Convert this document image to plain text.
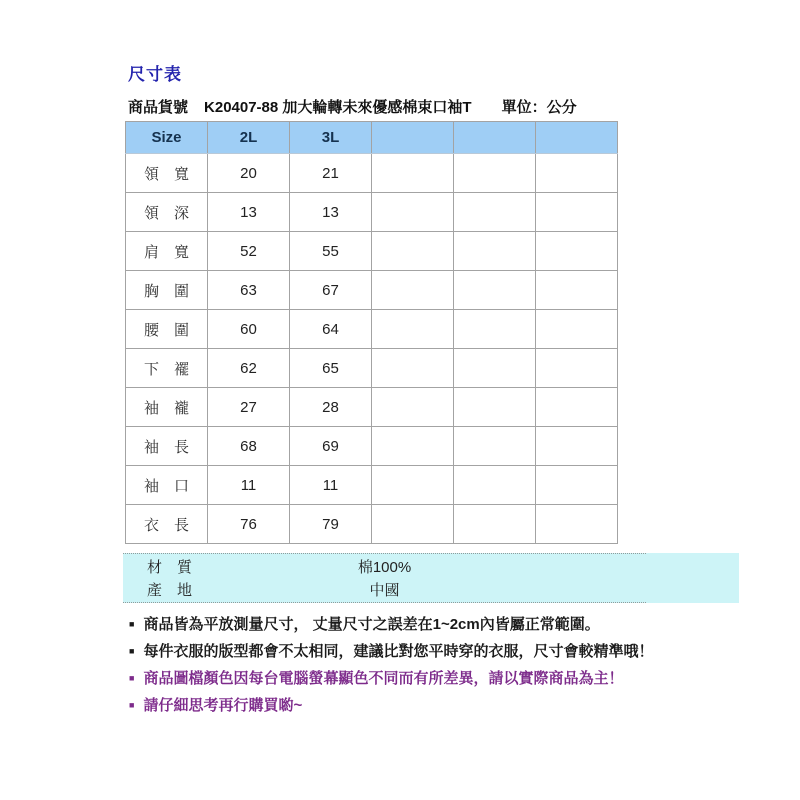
尺寸表
商品貨號 K20407-88 加大輪轉未來優感棉束口袖T 單位：公分
Size	2L	3L			
領　寬	20	21			
領　深	13	13			
肩　寬	52	55			
胸　圍	63	67			
腰　圍	60	64			
下　襬	62	65			
袖　襱	27	28			
袖　長	68	69			
袖　口	11	11			
衣　長	76	79			
材　質	棉100%
產　地	中國
■ 商品皆為平放測量尺寸， 丈量尺寸之誤差在1~2cm內皆屬正常範圍。
■ 每件衣服的版型都會不太相同，建議比對您平時穿的衣服，尺寸會較精準哦！
■ 商品圖檔顏色因每台電腦螢幕顯色不同而有所差異，請以實際商品為主！
■ 請仔細思考再行購買喲~
